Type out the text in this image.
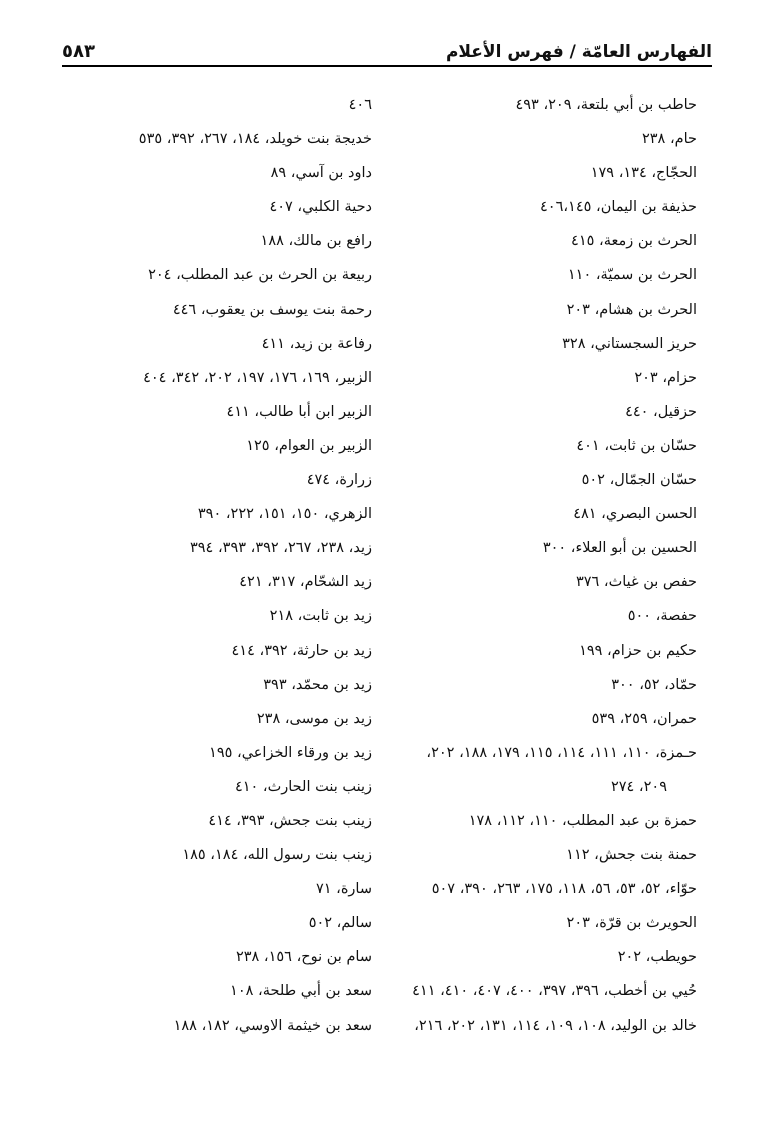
الفهارس العامّة / فهرس الأعلام
٥٨٣
حاطب بن أبي بلتعة، ٢٠٩، ٤٩٣
حام، ٢٣٨
الحجّاج، ١٣٤، ١٧٩
حذيفة بن اليمان، ٤٠٦،١٤٥
الحرث بن زمعة، ٤١٥
الحرث بن سميّة، ١١٠
الحرث بن هشام، ٢٠٣
حريز السجستاني، ٣٢٨
حزام، ٢٠٣
حزقيل، ٤٤٠
حسّان بن ثابت، ٤٠١
حسّان الجمّال، ٥٠٢
الحسن البصري، ٤٨١
الحسين بن أبو العلاء، ٣٠٠
حفص بن غياث، ٣٧٦
حفصة، ٥٠٠
حكيم بن حزام، ١٩٩
حمّاد، ٥٢، ٣٠٠
حمران، ٢٥٩، ٥٣٩
حـمزة، ١١٠، ١١١، ١١٤، ١١٥، ١٧٩، ١٨٨، ٢٠٢،
٢٠٩، ٢٧٤
حمزة بن عبد المطلب، ١١٠، ١١٢، ١٧٨
حمنة بنت جحش، ١١٢
حوّاء، ٥٢، ٥٣، ٥٦، ١١٨، ١٧٥، ٢٦٣، ٣٩٠، ٥٠٧
الحويرث بن قرّة، ٢٠٣
حويطب، ٢٠٢
حُيي بن أخطب، ٣٩٦، ٣٩٧، ٤٠٠، ٤٠٧، ٤١٠، ٤١١
خالد بن الوليد، ١٠٨، ١٠٩، ١١٤، ١٣١، ٢٠٢، ٢١٦،
٤٠٦
خديجة بنت خويلد، ١٨٤، ٢٦٧، ٣٩٢، ٥٣٥
داود بن آسي، ٨٩
دحية الكلبي، ٤٠٧
رافع بن مالك، ١٨٨
ربيعة بن الحرث بن عبد المطلب، ٢٠٤
رحمة بنت يوسف بن يعقوب، ٤٤٦
رفاعة بن زيد، ٤١١
الزبير، ١٦٩، ١٧٦، ١٩٧، ٢٠٢، ٣٤٢، ٤٠٤
الزبير ابن أبا طالب، ٤١١
الزبير بن العوام، ١٢٥
زرارة، ٤٧٤
الزهري، ١٥٠، ١٥١، ٢٢٢، ٣٩٠
زيد، ٢٣٨، ٢٦٧، ٣٩٢، ٣٩٣، ٣٩٤
زيد الشحّام، ٣١٧، ٤٢١
زيد بن ثابت، ٢١٨
زيد بن حارثة، ٣٩٢، ٤١٤
زيد بن محمّد، ٣٩٣
زيد بن موسى، ٢٣٨
زيد بن ورقاء الخزاعي، ١٩٥
زينب بنت الحارث، ٤١٠
زينب بنت جحش، ٣٩٣، ٤١٤
زينب بنت رسول الله، ١٨٤، ١٨٥
سارة، ٧١
سالم، ٥٠٢
سام بن نوح، ١٥٦، ٢٣٨
سعد بن أبي طلحة، ١٠٨
سعد بن خيثمة الاوسي، ١٨٢، ١٨٨
